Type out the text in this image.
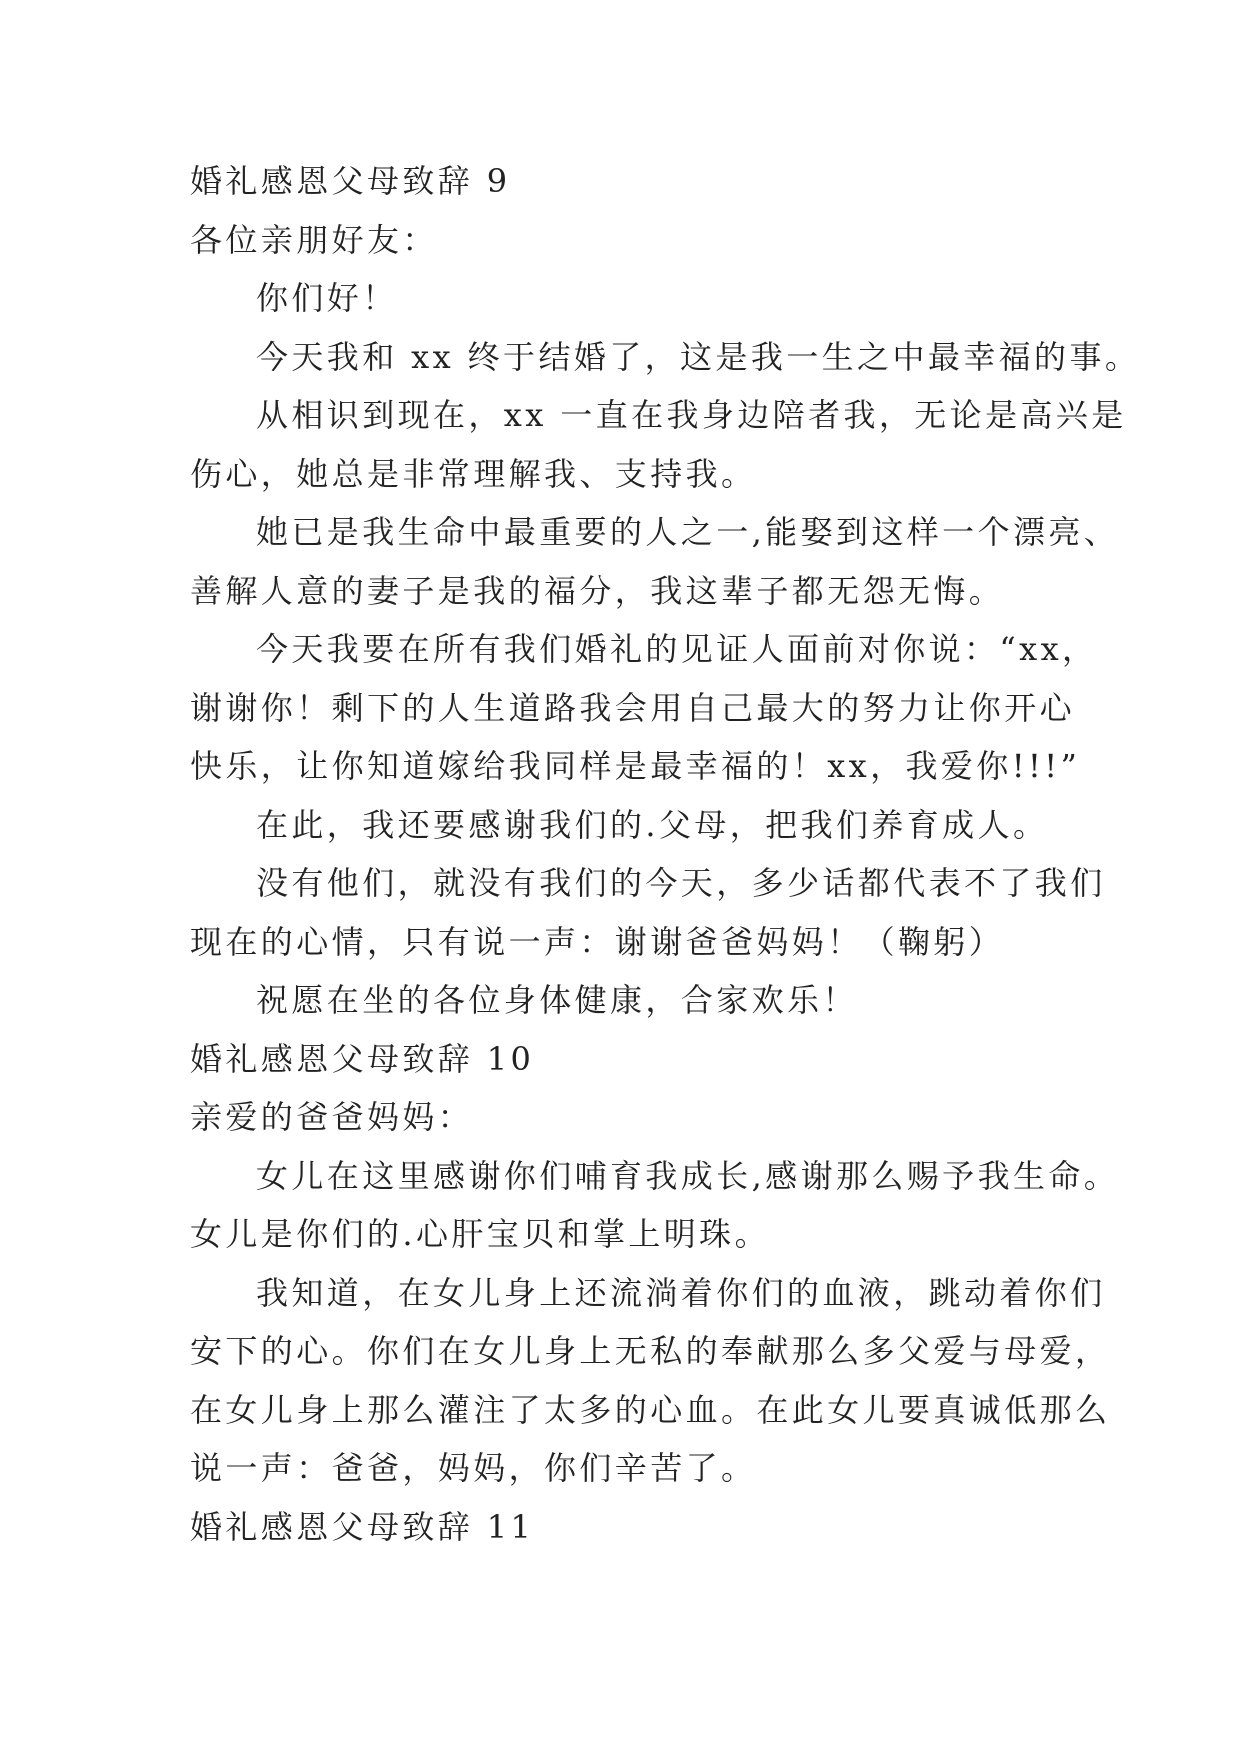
婚礼感恩父母致辞 9

各位亲朋好友：

你们好！

今天我和 xx 终于结婚了，这是我一生之中最幸福的事。

从相识到现在，xx 一直在我身边陪者我，无论是高兴是

伤心，她总是非常理解我、支持我。

她已是我生命中最重要的人之一,能娶到这样一个漂亮、

善解人意的妻子是我的福分，我这辈子都无怨无悔。

今天我要在所有我们婚礼的见证人面前对你说：“xx，

谢谢你！剩下的人生道路我会用自己最大的努力让你开心

快乐，让你知道嫁给我同样是最幸福的！xx，我爱你!!!”

在此，我还要感谢我们的.父母，把我们养育成人。

没有他们，就没有我们的今天，多少话都代表不了我们

现在的心情，只有说一声：谢谢爸爸妈妈！（鞠躬）

祝愿在坐的各位身体健康，合家欢乐！

婚礼感恩父母致辞 10

亲爱的爸爸妈妈：

女儿在这里感谢你们哺育我成长,感谢那么赐予我生命。

女儿是你们的.心肝宝贝和掌上明珠。

我知道，在女儿身上还流淌着你们的血液，跳动着你们

安下的心。你们在女儿身上无私的奉献那么多父爱与母爱，

在女儿身上那么灌注了太多的心血。在此女儿要真诚低那么

说一声：爸爸，妈妈，你们辛苦了。

婚礼感恩父母致辞 11
